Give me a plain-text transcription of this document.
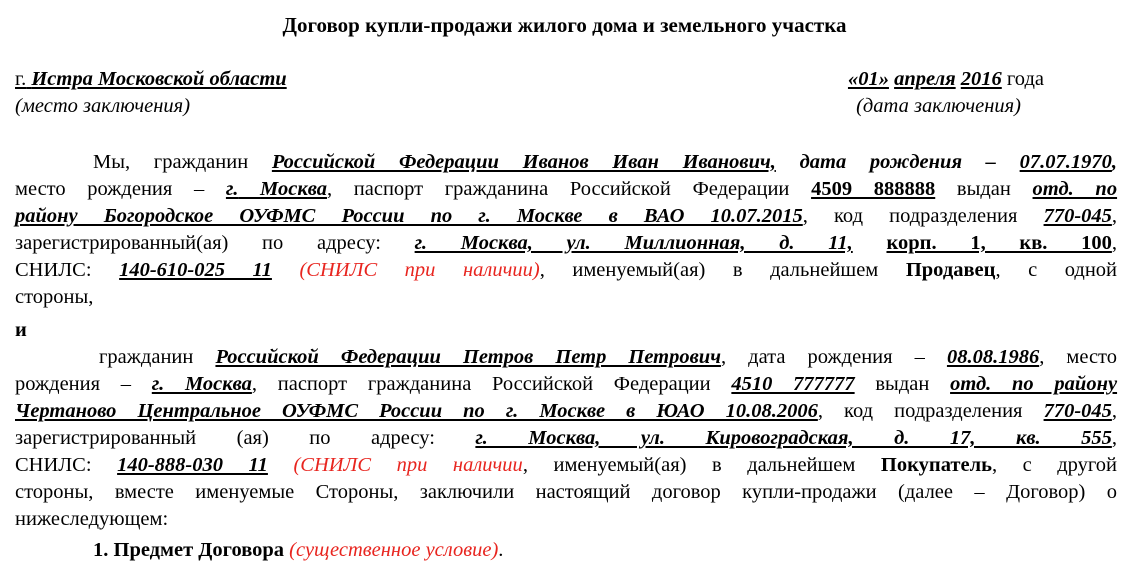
Договор купли-продажи жилого дома и земельного участка
г. Истра Московской области	«01» апреля 2016 года
(место заключения)	(дата заключения)
Мы, гражданин Российской Федерации Иванов Иван Иванович, дата рождения – 07.07.1970,
место рождения – г. Москва, паспорт гражданина Российской Федерации 4509 888888 выдан отд. по
району Богородское ОУФМС России по г. Москве в ВАО 10.07.2015, код подразделения 770-045,
зарегистрированный(ая) по адресу: г. Москва, ул. Миллионная, д. 11, корп. 1, кв. 100,
СНИЛС: 140-610-025 11 (СНИЛС при наличии), именуемый(ая) в дальнейшем Продавец, с одной
стороны,
и
гражданин Российской Федерации Петров Петр Петрович, дата рождения – 08.08.1986, место
рождения – г. Москва, паспорт гражданина Российской Федерации 4510 777777 выдан отд. по району
Чертаново Центральное ОУФМС России по г. Москве в ЮАО 10.08.2006, код подразделения 770-045,
зарегистрированный (ая) по адресу: г. Москва, ул. Кировоградская, д. 17, кв. 555,
СНИЛС: 140-888-030 11 (СНИЛС при наличии, именуемый(ая) в дальнейшем Покупатель, с другой
стороны, вместе именуемые Стороны, заключили настоящий договор купли-продажи (далее – Договор) о
нижеследующем:
1. Предмет Договора (существенное условие).
